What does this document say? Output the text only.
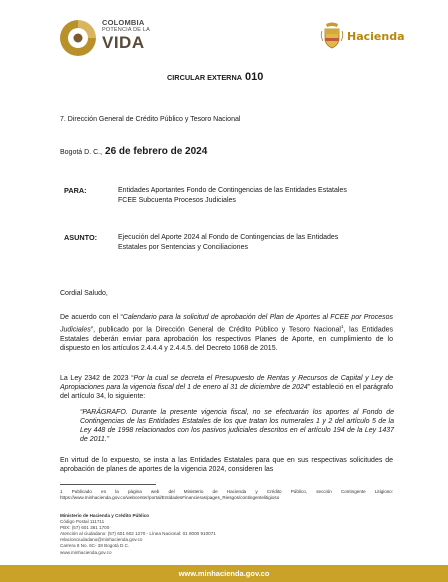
COLOMBIA
POTENCIA DE LA
VIDA	Hacienda
CIRCULAR EXTERNA 010
7. Dirección General de Crédito Público y Tesoro Nacional
Bogotá D. C., 26 de febrero de 2024
PARA:	Entidades Aportantes Fondo de Contingencias de las Entidades Estatales
FCEE Subcuenta Procesos Judiciales
ASUNTO:	Ejecución del Aporte 2024 al Fondo de Contingencias de las Entidades
Estatales por Sentencias y Conciliaciones
Cordial Saludo,
De acuerdo con el “Calendario para la solicitud de aprobación del Plan de Aportes al FCEE por Procesos Judiciales”, publicado por la Dirección General de Crédito Público y Tesoro Nacional$^1$, las Entidades Estatales deberán enviar para aprobación los respectivos Planes de Aporte, en cumplimiento de lo dispuesto en los artículos 2.4.4.4 y 2.4.4.5. del Decreto 1068 de 2015.
La Ley 2342 de 2023 “Por la cual se decreta el Presupuesto de Rentas y Recursos de Capital y Ley de Apropiaciones para la vigencia fiscal del 1 de enero al 31 de diciembre de 2024” estableció en el parágrafo del artículo 34, lo siguiente:
“PARÁGRAFO. Durante la presente vigencia fiscal, no se efectuarán los aportes al Fondo de Contingencias de las Entidades Estatales de los que tratan los numerales 1 y 2 del artículo 5 de la Ley 448 de 1998 relacionados con los pasivos judiciales descritos en el artículo 194 de la Ley 1437 de 2011.”
En virtud de lo expuesto, se insta a las Entidades Estatales para que en sus respectivas solicitudes de aprobación de planes de aportes de la vigencia 2024, consideren las
1 Publicado en la página web del Ministerio de Hacienda y Crédito Público, sección Contingente Litigioso: https://www.minhacienda.gov.co/webcenter/portal/EntidadesFinancieras/pages_Riesgos/contingentelitigioso
Ministerio de Hacienda y Crédito Público
Código Postal 111711
PBX: (57) 601 381 1700
Atención al ciudadano: (57) 601 602 1270 - Línea Nacional: 01 8000 910071
relacionciudadano@minhacienda.gov.co
Carrera 8 No. 6C- 38 Bogotá D.C.
www.minhacienda.gov.co
www.minhacienda.gov.co
